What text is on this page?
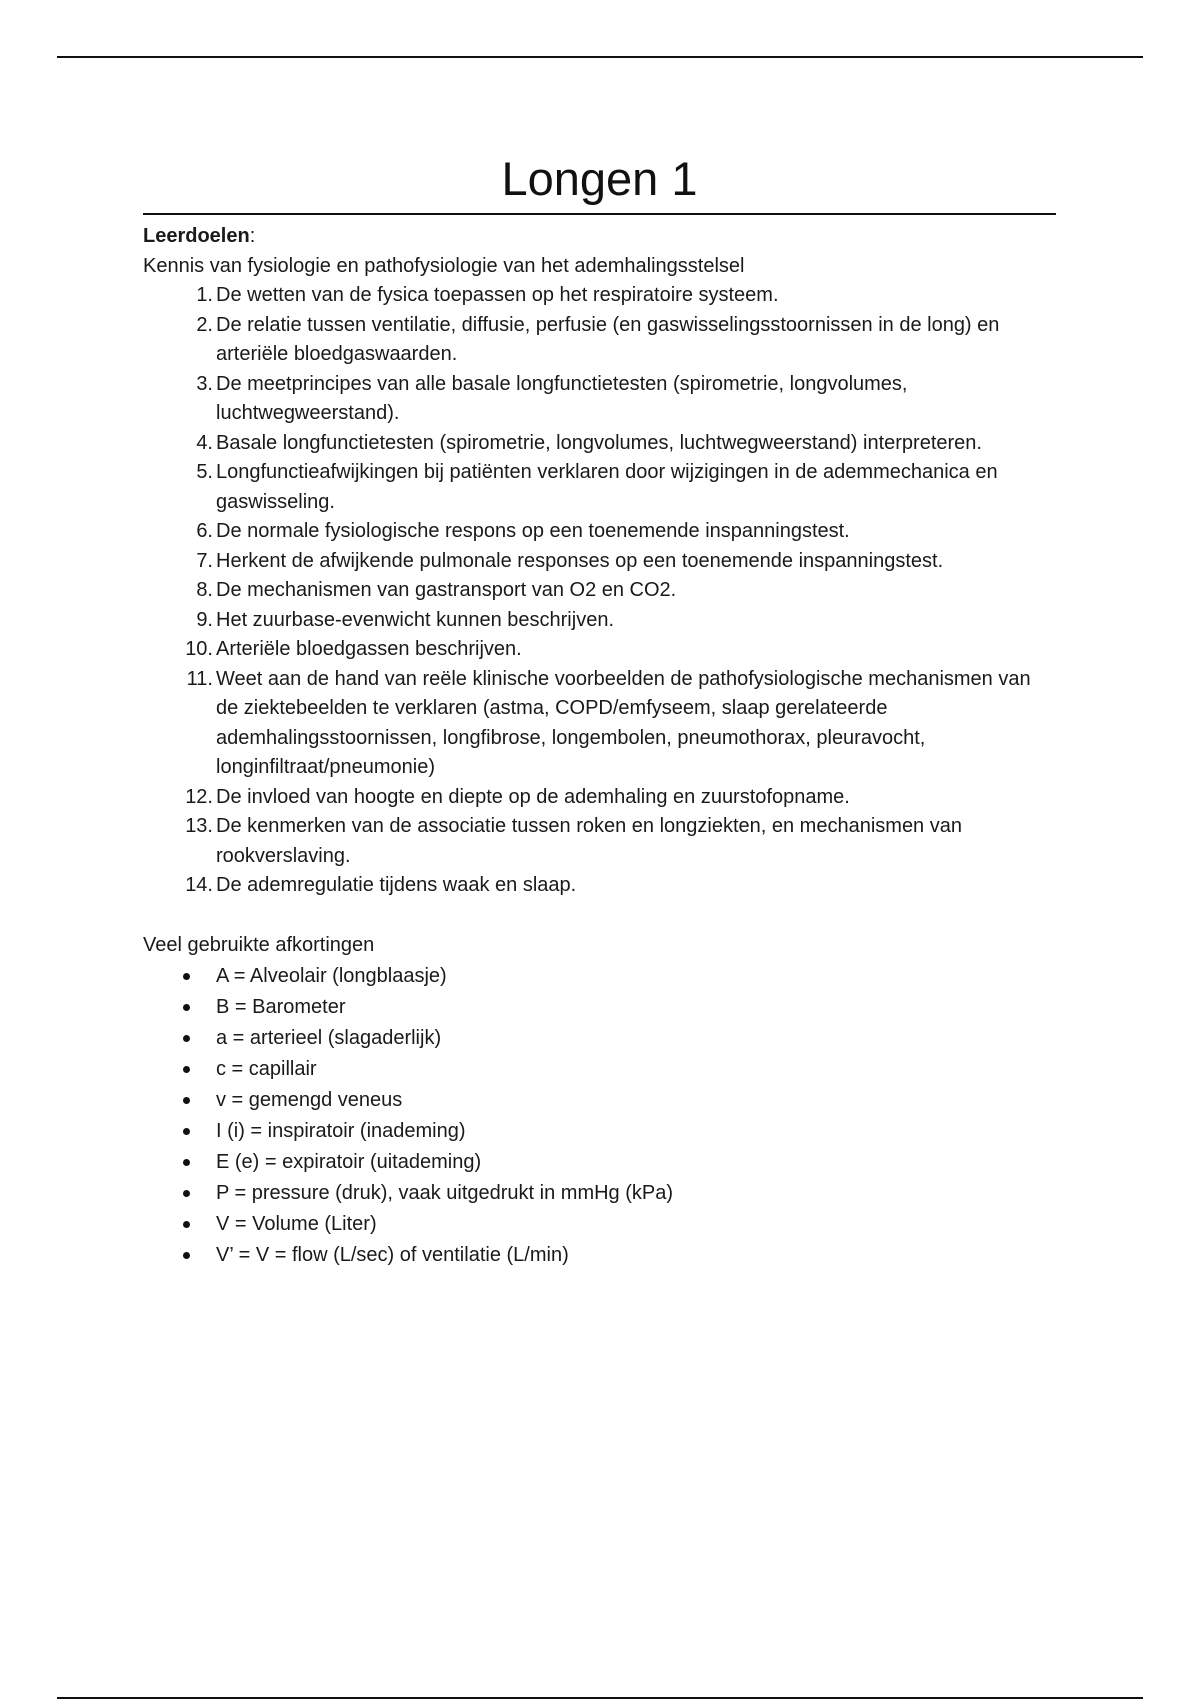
Longen 1
Leerdoelen:
Kennis van fysiologie en pathofysiologie van het ademhalingsstelsel
1. De wetten van de fysica toepassen op het respiratoire systeem.
2. De relatie tussen ventilatie, diffusie, perfusie (en gaswisselingsstoornissen in de long) en arteriële bloedgaswaarden.
3. De meetprincipes van alle basale longfunctietesten (spirometrie, longvolumes, luchtwegweerstand).
4. Basale longfunctietesten (spirometrie, longvolumes, luchtwegweerstand) interpreteren.
5. Longfunctieafwijkingen bij patiënten verklaren door wijzigingen in de ademmechanica en gaswisseling.
6. De normale fysiologische respons op een toenemende inspanningstest.
7. Herkent de afwijkende pulmonale responses op een toenemende inspanningstest.
8. De mechanismen van gastransport van O2 en CO2.
9. Het zuurbase-evenwicht kunnen beschrijven.
10. Arteriële bloedgassen beschrijven.
11. Weet aan de hand van reële klinische voorbeelden de pathofysiologische mechanismen van de ziektebeelden te verklaren (astma, COPD/emfyseem, slaap gerelateerde ademhalingsstoornissen, longfibrose, longembolen, pneumothorax, pleuravocht, longinfiltraat/pneumonie)
12. De invloed van hoogte en diepte op de ademhaling en zuurstofopname.
13. De kenmerken van de associatie tussen roken en longziekten, en mechanismen van rookverslaving.
14. De ademregulatie tijdens waak en slaap.
Veel gebruikte afkortingen
A = Alveolair (longblaasje)
B = Barometer
a = arterieel (slagaderlijk)
c = capillair
v = gemengd veneus
I (i) = inspiratoir (inademing)
E (e) = expiratoir (uitademing)
P = pressure (druk), vaak uitgedrukt in mmHg (kPa)
V = Volume (Liter)
V’ = V = flow (L/sec) of ventilatie (L/min)
